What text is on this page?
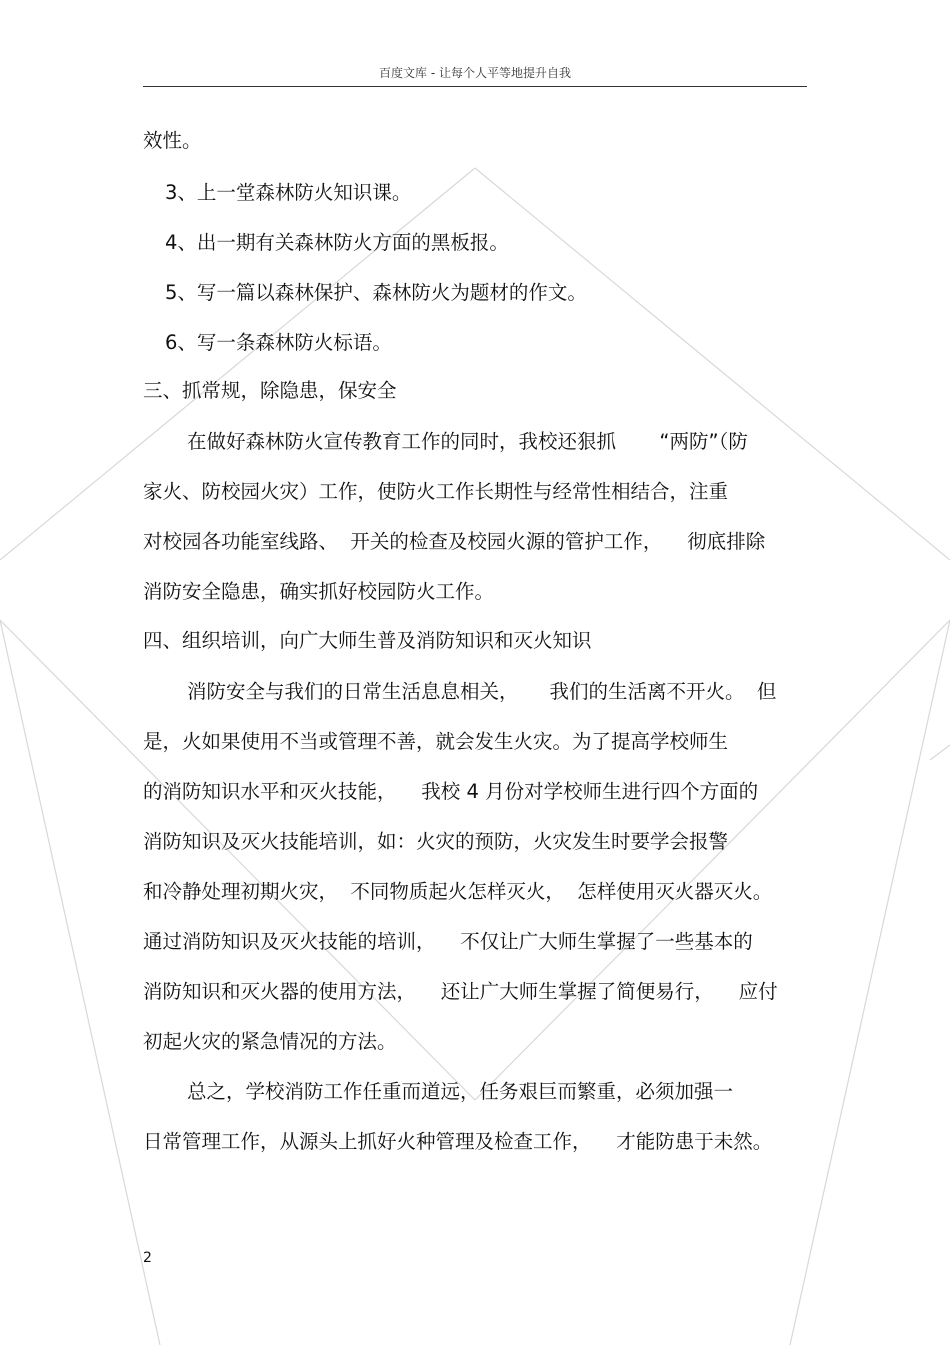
百度文库 - 让每个人平等地提升自我
效性。
3、上一堂森林防火知识课。
4、出一期有关森林防火方面的黑板报。
5、写一篇以森林保护、森林防火为题材的作文。
6、写一条森林防火标语。
三、抓常规，除隐患，保安全
在做好森林防火宣传教育工作的同时，我校还狠抓       “两防”（防
家火、防校园火灾）工作，使防火工作长期性与经常性相结合，注重
对校园各功能室线路、  开关的检查及校园火源的管护工作，    彻底排除
消防安全隐患，确实抓好校园防火工作。
四、组织培训，向广大师生普及消防知识和灭火知识
消防安全与我们的日常生活息息相关，     我们的生活离不开火。  但
是，火如果使用不当或管理不善，就会发生火灾。为了提高学校师生
的消防知识水平和灭火技能，    我校 4 月份对学校师生进行四个方面的
消防知识及灭火技能培训，如：火灾的预防，火灾发生时要学会报警
和冷静处理初期火灾，  不同物质起火怎样灭火，  怎样使用灭火器灭火。
通过消防知识及灭火技能的培训，    不仅让广大师生掌握了一些基本的
消防知识和灭火器的使用方法，    还让广大师生掌握了简便易行，    应付
初起火灾的紧急情况的方法。
总之，学校消防工作任重而道远，任务艰巨而繁重，必须加强一
日常管理工作，从源头上抓好火种管理及检查工作，    才能防患于未然。
2
